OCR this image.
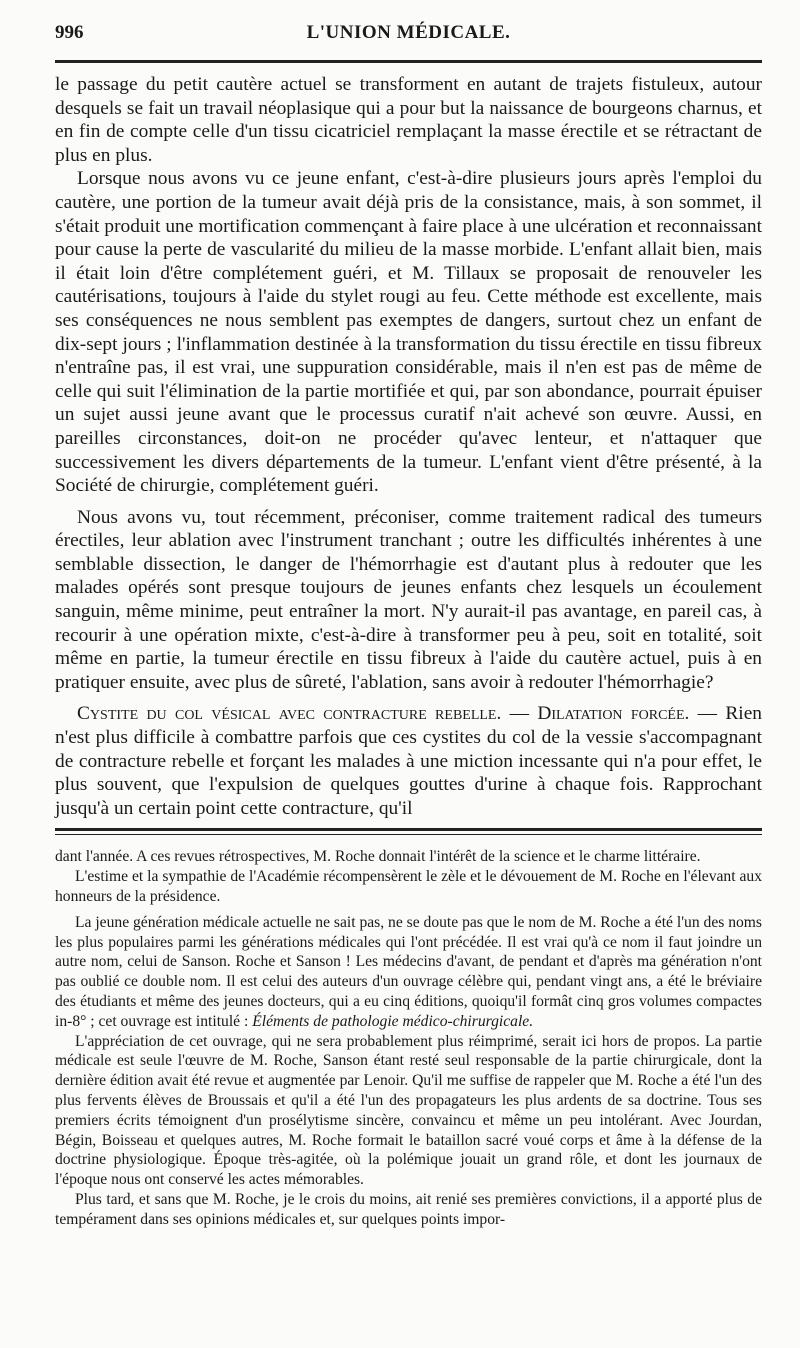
996	L'UNION MÉDICALE.

le passage du petit cautère actuel se transforment en autant de trajets fistuleux, autour desquels se fait un travail néoplasique qui a pour but la naissance de bourgeons charnus, et en fin de compte celle d'un tissu cicatriciel remplaçant la masse érectile et se rétractant de plus en plus.

Lorsque nous avons vu ce jeune enfant, c'est-à-dire plusieurs jours après l'emploi du cautère, une portion de la tumeur avait déjà pris de la consistance, mais, à son sommet, il s'était produit une mortification commençant à faire place à une ulcération et reconnaissant pour cause la perte de vascularité du milieu de la masse morbide. L'enfant allait bien, mais il était loin d'être complétement guéri, et M. Tillaux se proposait de renouveler les cautérisations, toujours à l'aide du stylet rougi au feu. Cette méthode est excellente, mais ses conséquences ne nous semblent pas exemptes de dangers, surtout chez un enfant de dix-sept jours ; l'inflammation destinée à la transformation du tissu érectile en tissu fibreux n'entraîne pas, il est vrai, une suppuration considérable, mais il n'en est pas de même de celle qui suit l'élimination de la partie mortifiée et qui, par son abondance, pourrait épuiser un sujet aussi jeune avant que le processus curatif n'ait achevé son œuvre. Aussi, en pareilles circonstances, doit-on ne procéder qu'avec lenteur, et n'attaquer que successivement les divers départements de la tumeur. L'enfant vient d'être présenté, à la Société de chirurgie, complétement guéri.

Nous avons vu, tout récemment, préconiser, comme traitement radical des tumeurs érectiles, leur ablation avec l'instrument tranchant ; outre les difficultés inhérentes à une semblable dissection, le danger de l'hémorrhagie est d'autant plus à redouter que les malades opérés sont presque toujours de jeunes enfants chez lesquels un écoulement sanguin, même minime, peut entraîner la mort. N'y aurait-il pas avantage, en pareil cas, à recourir à une opération mixte, c'est-à-dire à transformer peu à peu, soit en totalité, soit même en partie, la tumeur érectile en tissu fibreux à l'aide du cautère actuel, puis à en pratiquer ensuite, avec plus de sûreté, l'ablation, sans avoir à redouter l'hémorrhagie?

Cystite du col vésical avec contracture rebelle. — Dilatation forcée. — Rien n'est plus difficile à combattre parfois que ces cystites du col de la vessie s'accompagnant de contracture rebelle et forçant les malades à une miction incessante qui n'a pour effet, le plus souvent, que l'expulsion de quelques gouttes d'urine à chaque fois. Rapprochant jusqu'à un certain point cette contracture, qu'il

dant l'année. A ces revues rétrospectives, M. Roche donnait l'intérêt de la science et le charme littéraire.

L'estime et la sympathie de l'Académie récompensèrent le zèle et le dévouement de M. Roche en l'élevant aux honneurs de la présidence.

La jeune génération médicale actuelle ne sait pas, ne se doute pas que le nom de M. Roche a été l'un des noms les plus populaires parmi les générations médicales qui l'ont précédée. Il est vrai qu'à ce nom il faut joindre un autre nom, celui de Sanson. Roche et Sanson ! Les médecins d'avant, de pendant et d'après ma génération n'ont pas oublié ce double nom. Il est celui des auteurs d'un ouvrage célèbre qui, pendant vingt ans, a été le bréviaire des étudiants et même des jeunes docteurs, qui a eu cinq éditions, quoiqu'il formât cinq gros volumes compactes in-8° ; cet ouvrage est intitulé : Éléments de pathologie médico-chirurgicale.

L'appréciation de cet ouvrage, qui ne sera probablement plus réimprimé, serait ici hors de propos. La partie médicale est seule l'œuvre de M. Roche, Sanson étant resté seul responsable de la partie chirurgicale, dont la dernière édition avait été revue et augmentée par Lenoir. Qu'il me suffise de rappeler que M. Roche a été l'un des plus fervents élèves de Broussais et qu'il a été l'un des propagateurs les plus ardents de sa doctrine. Tous ses premiers écrits témoignent d'un prosélytisme sincère, convaincu et même un peu intolérant. Avec Jourdan, Bégin, Boisseau et quelques autres, M. Roche formait le bataillon sacré voué corps et âme à la défense de la doctrine physiologique. Époque très-agitée, où la polémique jouait un grand rôle, et dont les journaux de l'époque nous ont conservé les actes mémorables.

Plus tard, et sans que M. Roche, je le crois du moins, ait renié ses premières convictions, il a apporté plus de tempérament dans ses opinions médicales et, sur quelques points impor-
